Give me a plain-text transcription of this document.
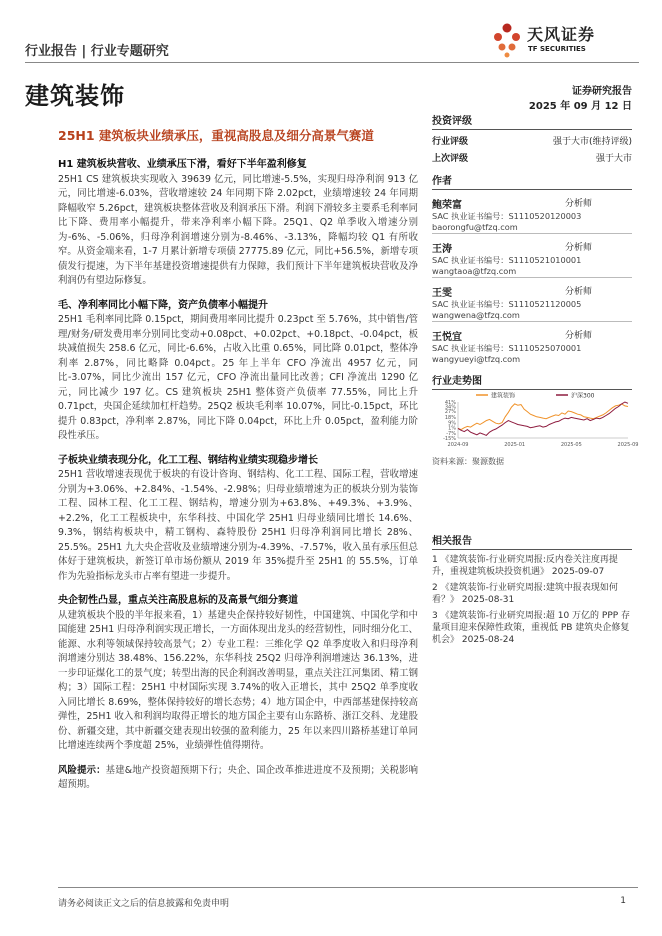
行业报告 | 行业专题研究
天风证券
TF SECURITIES
建筑装饰	证券研究报告
2025 年 09 月 12 日
25H1 建筑板块业绩承压，重视高股息及细分高景气赛道
H1 建筑板块营收、业绩承压下滑，看好下半年盈利修复

25H1 CS 建筑板块实现收入 39639 亿元，同比增速-5.5%，实现归母净利润 913 亿元，同比增速-6.03%，营收增速较 24 年同期下降 2.02pct，业绩增速较 24 年同期降幅收窄 5.26pct，建筑板块整体营收及利润承压下滑。利润下滑较多主要系毛利率同比下降、费用率小幅提升，带来净利率小幅下降。25Q1、Q2 单季收入增速分别为-6%、-5.06%，归母净利润增速分别为-8.46%、-3.13%，降幅均较 Q1 有所收窄。从资金端来看，1-7 月累计新增专项债 27775.89 亿元，同比+56.5%，新增专项债发行提速，为下半年基建投资增速提供有力保障，我们预计下半年建筑板块营收及净利润仍有望边际修复。

毛、净利率同比小幅下降，资产负债率小幅提升

25H1 毛利率同比降 0.15pct，期间费用率同比提升 0.23pct 至 5.76%，其中销售/管理/财务/研发费用率分别同比变动+0.08pct、+0.02pct、+0.18pct、-0.04pct，板块减值损失 258.6 亿元，同比-6.6%，占收入比重 0.65%，同比降 0.01pct，整体净利率 2.87%，同比略降 0.04pct。25 年上半年 CFO 净流出 4957 亿元，同比-3.07%，同比少流出 157 亿元，CFO 净流出量同比改善；CFI 净流出 1290 亿元，同比减少 197 亿。CS 建筑板块 25H1 整体资产负债率 77.55%，同比上升 0.71pct，央国企延续加杠杆趋势。25Q2 板块毛利率 10.07%，同比-0.15pct，环比提升 0.83pct，净利率 2.87%，同比下降 0.04pct，环比上升 0.05pct，盈利能力阶段性承压。

子板块业绩表现分化，化工工程、钢结构业绩实现稳步增长

25H1 营收增速表现优于板块的有设计咨询、钢结构、化工工程、国际工程，营收增速分别为+3.06%、+2.84%、-1.54%、-2.98%；归母业绩增速为正的板块分别为装饰工程、园林工程、化工工程、钢结构，增速分别为+63.8%、+49.3%、+3.9%、+2.2%，化工工程板块中，东华科技、中国化学 25H1 归母业绩同比增长 14.6%、9.3%，钢结构板块中，精工钢构、森特股份 25H1 归母净利润同比增长 28%、25.5%。25H1 九大央企营收及业绩增速分别为-4.39%、-7.57%，收入虽有承压但总体好于建筑板块，新签订单市场份额从 2019 年 35%提升至 25H1 的 55.5%，订单作为先验指标龙头市占率有望进一步提升。

央企韧性凸显，重点关注高股息标的及高景气细分赛道

从建筑板块个股的半年报来看，1）基建央企保持较好韧性，中国建筑、中国化学和中国能建 25H1 归母净利润实现正增长，一方面体现出龙头的经营韧性，同时细分化工、能源、水利等领域保持较高景气；2）专业工程：三维化学 Q2 单季度收入和归母净利润增速分别达 38.48%、156.22%，东华科技 25Q2 归母净利润增速达 36.13%，进一步印证煤化工的景气度；转型出海的民企利润改善明显，重点关注江河集团、精工钢构；3）国际工程：25H1 中材国际实现 3.74%的收入正增长，其中 25Q2 单季度收入同比增长 8.69%，整体保持较好的增长态势；4）地方国企中，中西部基建保持较高弹性，25H1 收入和利润均取得正增长的地方国企主要有山东路桥、浙江交科、龙建股份、新疆交建，其中新疆交建表现出较强的盈利能力，25 年以来四川路桥基建订单同比增速连续两个季度超 25%，业绩弹性值得期待。

风险提示：基建&地产投资超预期下行；央企、国企改革推进进度不及预期；关税影响超预期。

投资评级
行业评级	强于大市(维持评级)
上次评级	强于大市
作者
鲍荣富	分析师
SAC 执业证书编号：S1110520120003
baorongfu@tfzq.com
王涛	分析师
SAC 执业证书编号：S1110521010001
wangtaoa@tfzq.com
王雯	分析师
SAC 执业证书编号：S1110521120005
wangwena@tfzq.com
王悦宜	分析师
SAC 执业证书编号：S1110525070001
wangyueyi@tfzq.com
行业走势图
建筑装饰	沪深300
-15%
-7%
1%
9%
18%
27%
34%
41%
2024-09	2025-01	2025-05	2025-09
资料来源：聚源数据
相关报告
1 《建筑装饰-行业研究周报:反内卷关注度再提升，重视建筑板块投资机遇》 2025-09-07
2 《建筑装饰-行业研究周报:建筑中报表现如何看？》 2025-08-31
3 《建筑装饰-行业研究周报:超 10 万亿的 PPP 存量项目迎来保障性政策，重视低 PB 建筑央企修复机会》 2025-08-24
请务必阅读正文之后的信息披露和免责申明	1
